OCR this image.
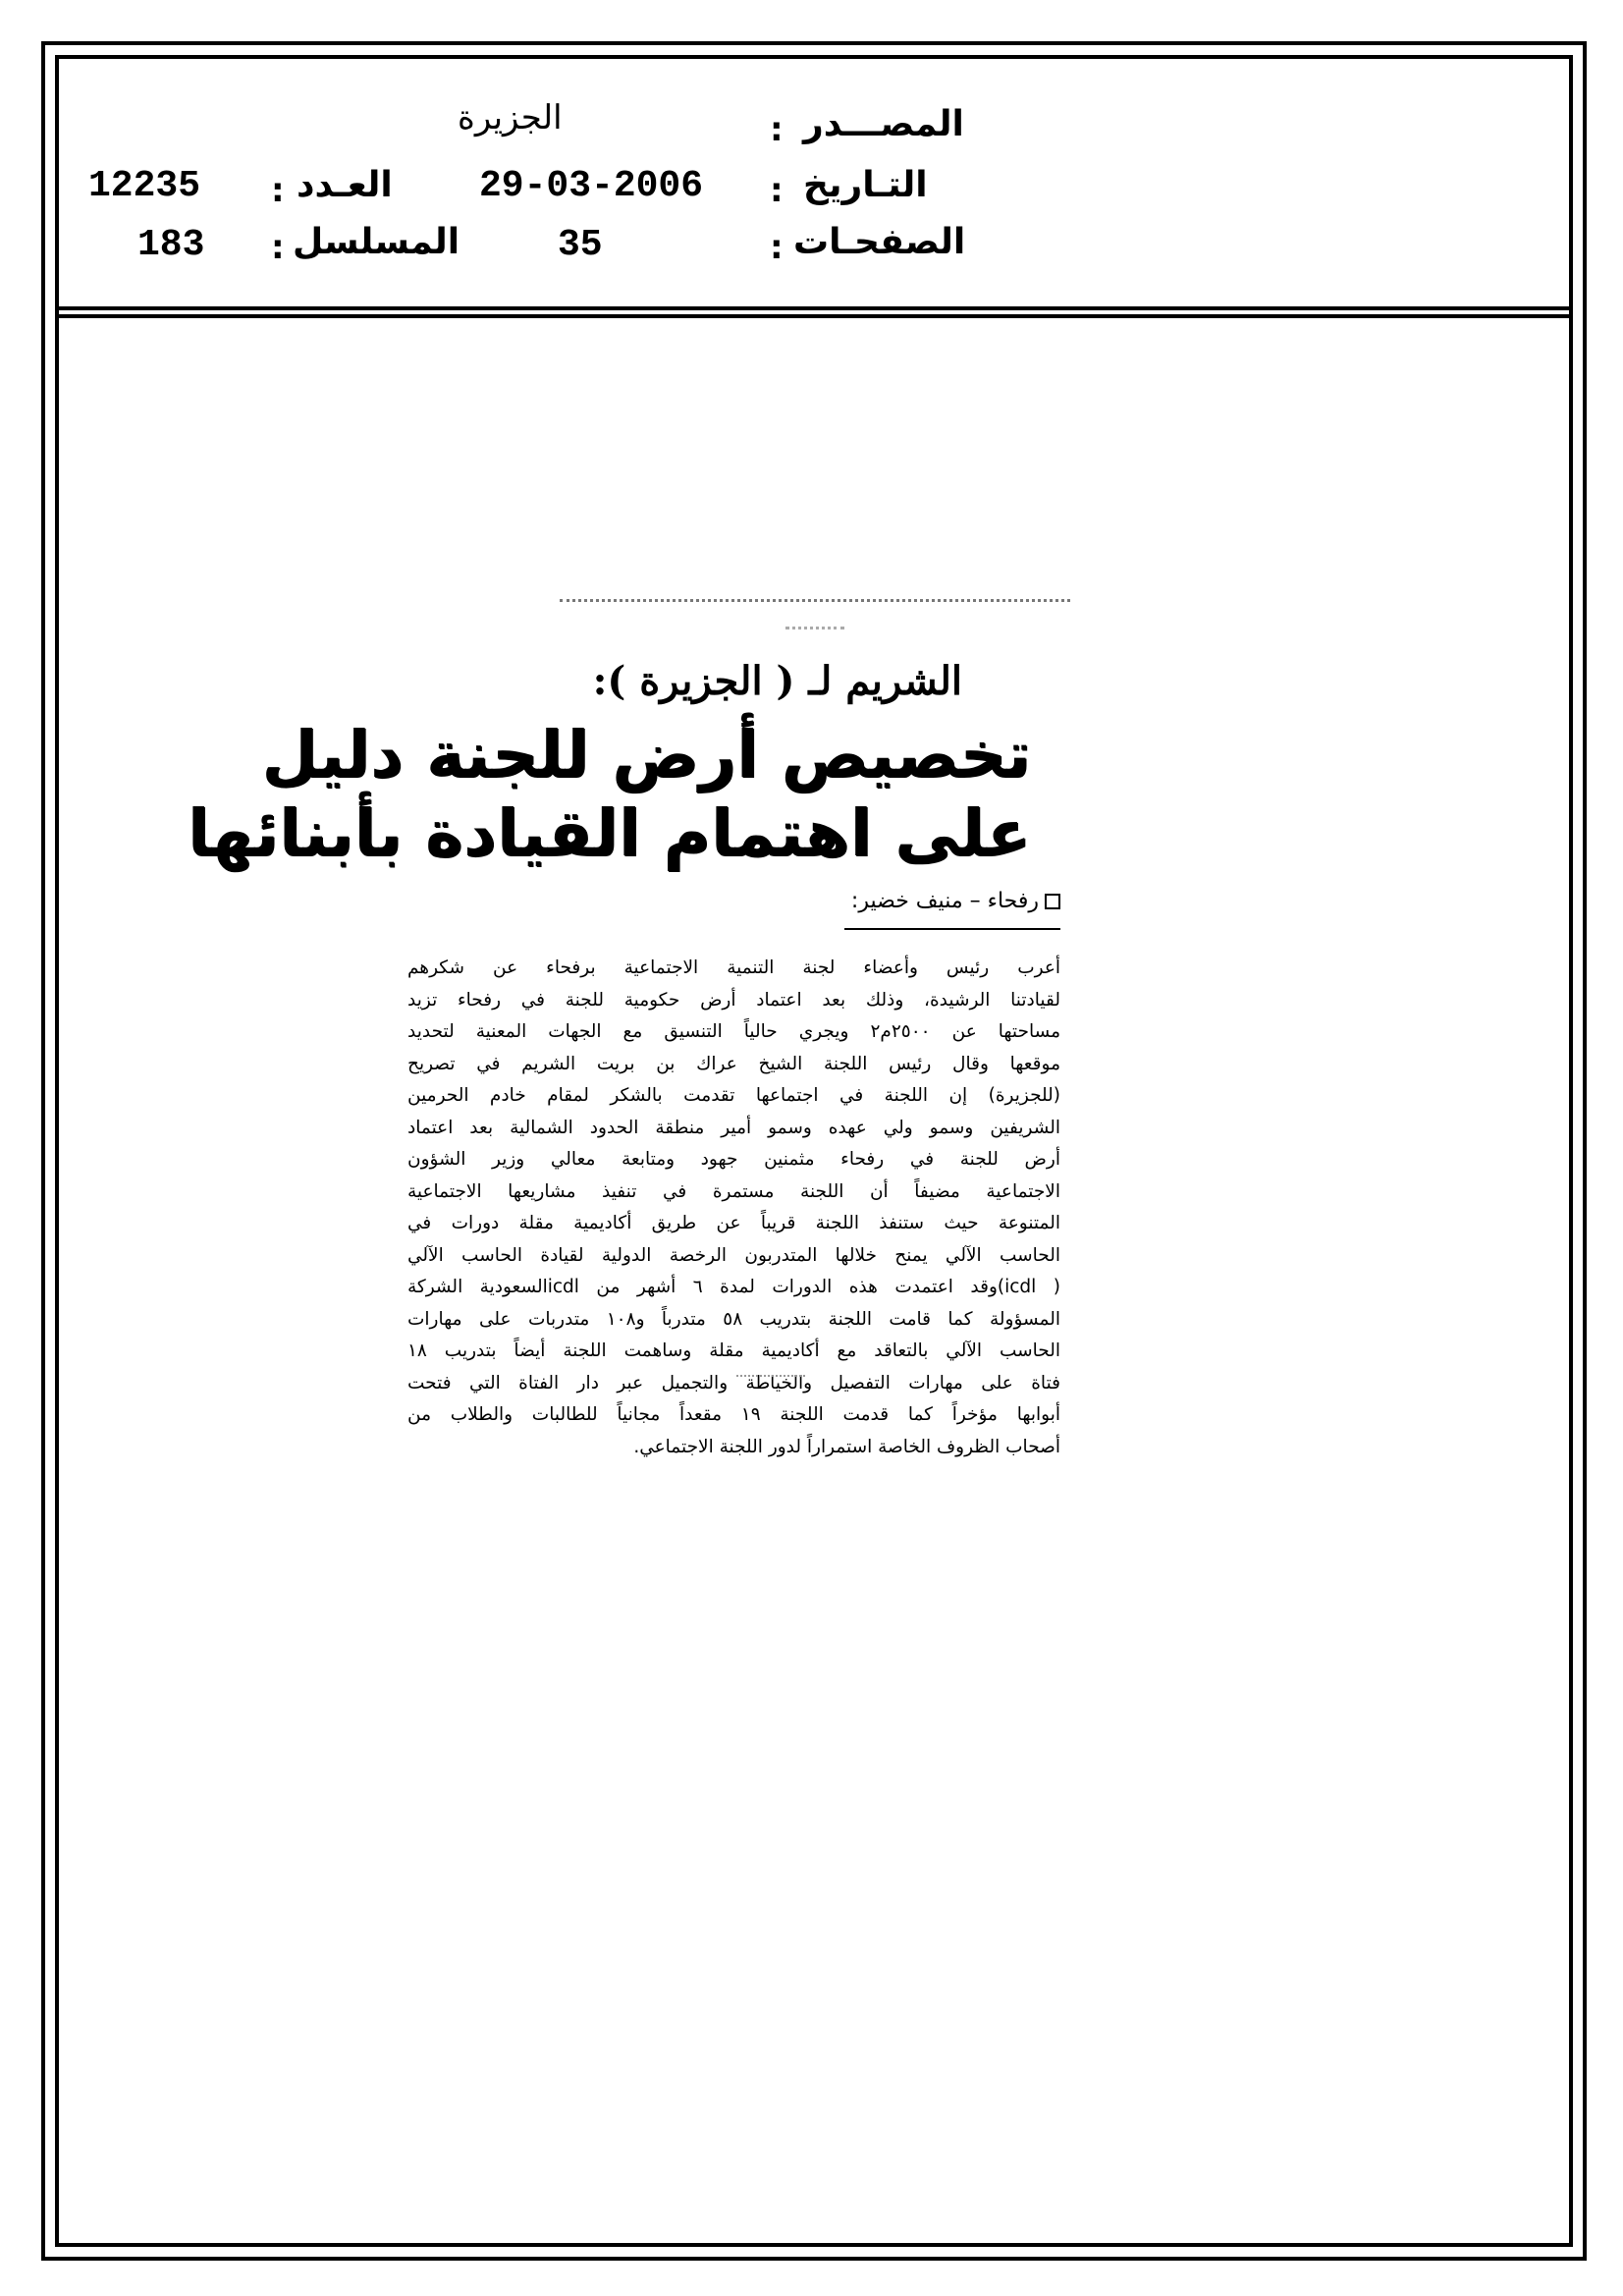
المصـــدر
:
الجزيرة
التـاريخ
:
29-03-2006
الصفحـات
:
35
العـدد
:
12235
المسلسل
:
183
الشريم لـ ( الجزيرة ):
تخصيص أرض للجنة دليل
على اهتمام القيادة بأبنائها
رفحاء – منيف خضير:
أعرب رئيس وأعضاء لجنة التنمية الاجتماعية برفحاء عن شكرهم
لقيادتنا الرشيدة، وذلك بعد اعتماد أرض حكومية للجنة في رفحاء تزيد
مساحتها عن ٢٥٠٠م٢ ويجري حالياً التنسيق مع الجهات المعنية لتحديد
موقعها وقال رئيس اللجنة الشيخ عراك بن بريت الشريم في تصريح
(للجزيرة) إن اللجنة في اجتماعها تقدمت بالشكر لمقام خادم الحرمين
الشريفين وسمو ولي عهده وسمو أمير منطقة الحدود الشمالية بعد اعتماد
أرض للجنة في رفحاء مثمنين جهود ومتابعة معالي وزير الشؤون
الاجتماعية مضيفاً أن اللجنة مستمرة في تنفيذ مشاريعها الاجتماعية
المتنوعة حيث ستنفذ اللجنة قريباً عن طريق أكاديمية مقلة دورات في
الحاسب الآلي يمنح خلالها المتدربون الرخصة الدولية لقيادة الحاسب الآلي
( icdl)وقد اعتمدت هذه الدورات لمدة ٦ أشهر من icdlالسعودية الشركة
المسؤولة كما قامت اللجنة بتدريب ٥٨ متدرباً و١٠٨ متدربات على مهارات
الحاسب الآلي بالتعاقد مع أكاديمية مقلة وساهمت اللجنة أيضاً بتدريب ١٨
فتاة على مهارات التفصيل والخياطة والتجميل عبر دار الفتاة التي فتحت
أبوابها مؤخراً كما قدمت اللجنة ١٩ مقعداً مجانياً للطالبات والطلاب من
أصحاب الظروف الخاصة استمراراً لدور اللجنة الاجتماعي.
